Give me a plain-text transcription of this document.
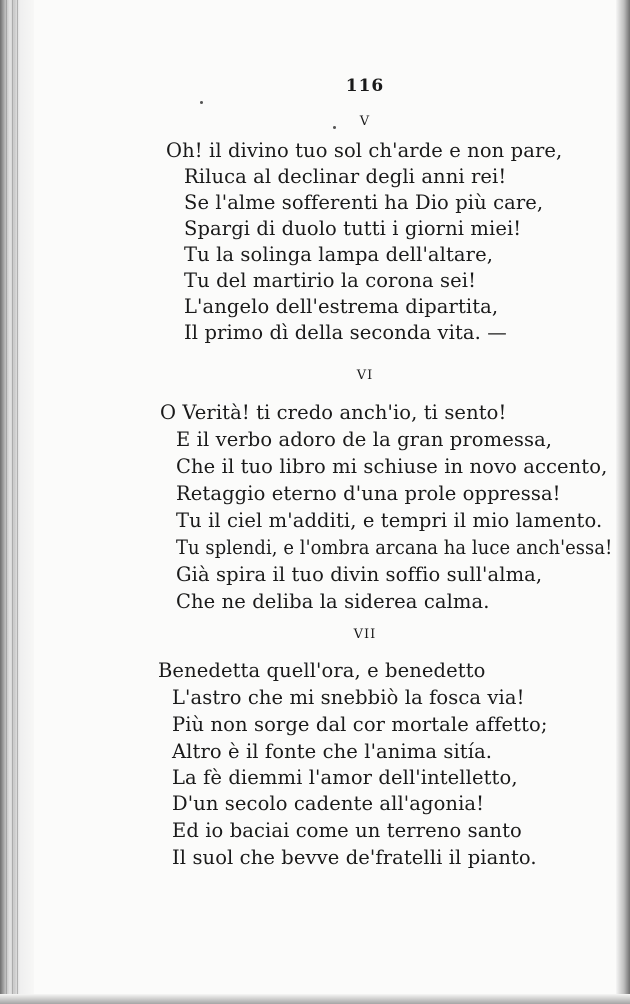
116
V
Oh! il divino tuo sol ch'arde e non pare,
Riluca al declinar degli anni rei!
Se l'alme sofferenti ha Dio più care,
Spargi di duolo tutti i giorni miei!
Tu la solinga lampa dell'altare,
Tu del martirio la corona sei!
L'angelo dell'estrema dipartita,
Il primo dì della seconda vita. —
VI
O Verità! ti credo anch'io, ti sento!
E il verbo adoro de la gran promessa,
Che il tuo libro mi schiuse in novo accento,
Retaggio eterno d'una prole oppressa!
Tu il ciel m'additi, e tempri il mio lamento.
Tu splendi, e l'ombra arcana ha luce anch'essa!
Già spira il tuo divin soffio sull'alma,
Che ne deliba la siderea calma.
VII
Benedetta quell'ora, e benedetto
L'astro che mi snebbiò la fosca via!
Più non sorge dal cor mortale affetto;
Altro è il fonte che l'anima sitía.
La fè diemmi l'amor dell'intelletto,
D'un secolo cadente all'agonia!
Ed io baciai come un terreno santo
Il suol che bevve de'fratelli il pianto.
